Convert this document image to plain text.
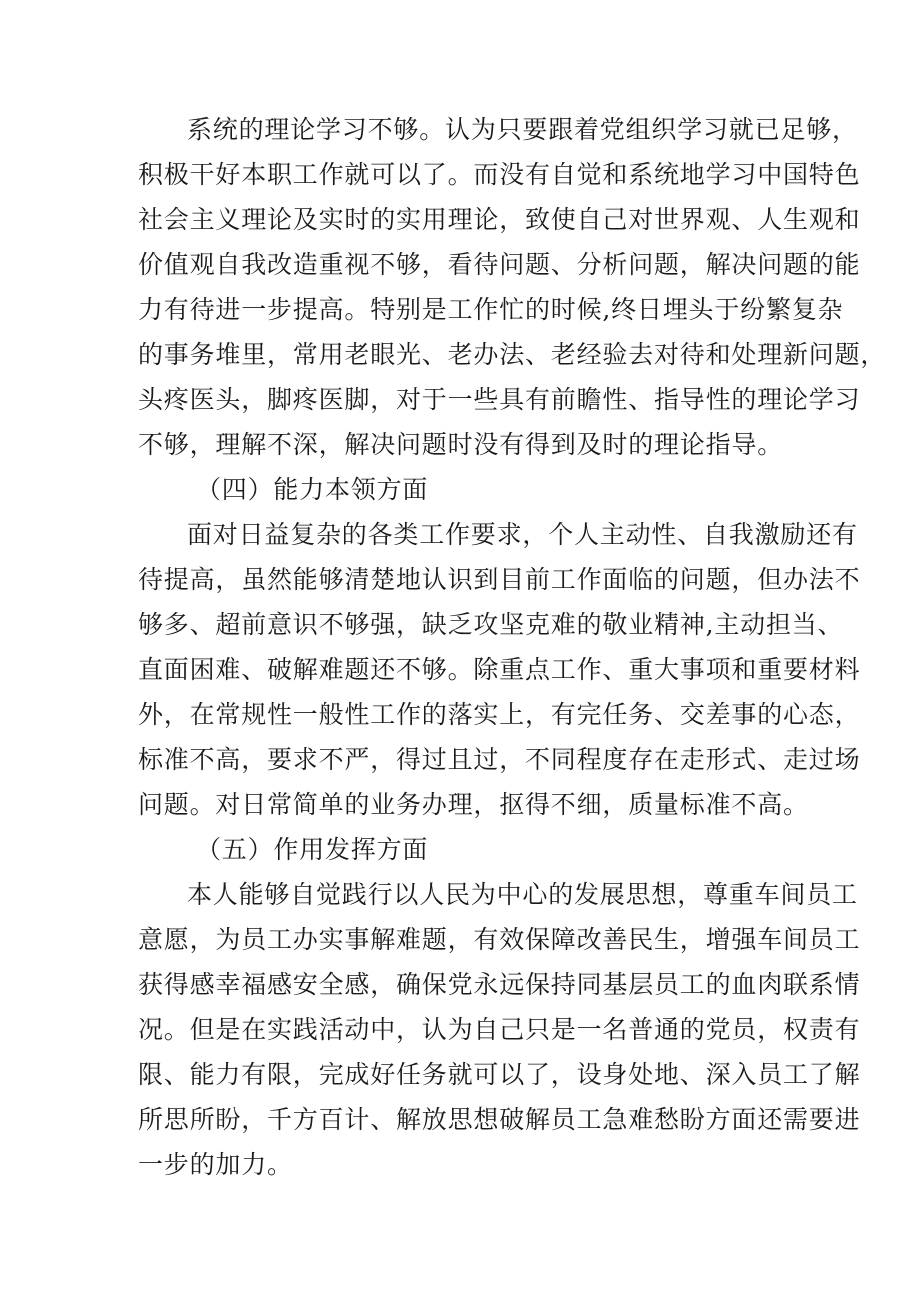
系统的理论学习不够。认为只要跟着党组织学习就已足够，
积极干好本职工作就可以了。而没有自觉和系统地学习中国特色
社会主义理论及实时的实用理论，致使自己对世界观、人生观和
价值观自我改造重视不够，看待问题、分析问题，解决问题的能
力有待进一步提高。特别是工作忙的时候,终日埋头于纷繁复杂
的事务堆里，常用老眼光、老办法、老经验去对待和处理新问题，
头疼医头，脚疼医脚，对于一些具有前瞻性、指导性的理论学习
不够，理解不深，解决问题时没有得到及时的理论指导。
（四）能力本领方面
面对日益复杂的各类工作要求，个人主动性、自我激励还有
待提高，虽然能够清楚地认识到目前工作面临的问题，但办法不
够多、超前意识不够强，缺乏攻坚克难的敬业精神,主动担当、
直面困难、破解难题还不够。除重点工作、重大事项和重要材料
外，在常规性一般性工作的落实上，有完任务、交差事的心态，
标准不高，要求不严，得过且过，不同程度存在走形式、走过场
问题。对日常简单的业务办理，抠得不细，质量标准不高。
（五）作用发挥方面
本人能够自觉践行以人民为中心的发展思想，尊重车间员工
意愿，为员工办实事解难题，有效保障改善民生，增强车间员工
获得感幸福感安全感，确保党永远保持同基层员工的血肉联系情
况。但是在实践活动中，认为自己只是一名普通的党员，权责有
限、能力有限，完成好任务就可以了，设身处地、深入员工了解
所思所盼，千方百计、解放思想破解员工急难愁盼方面还需要进
一步的加力。
